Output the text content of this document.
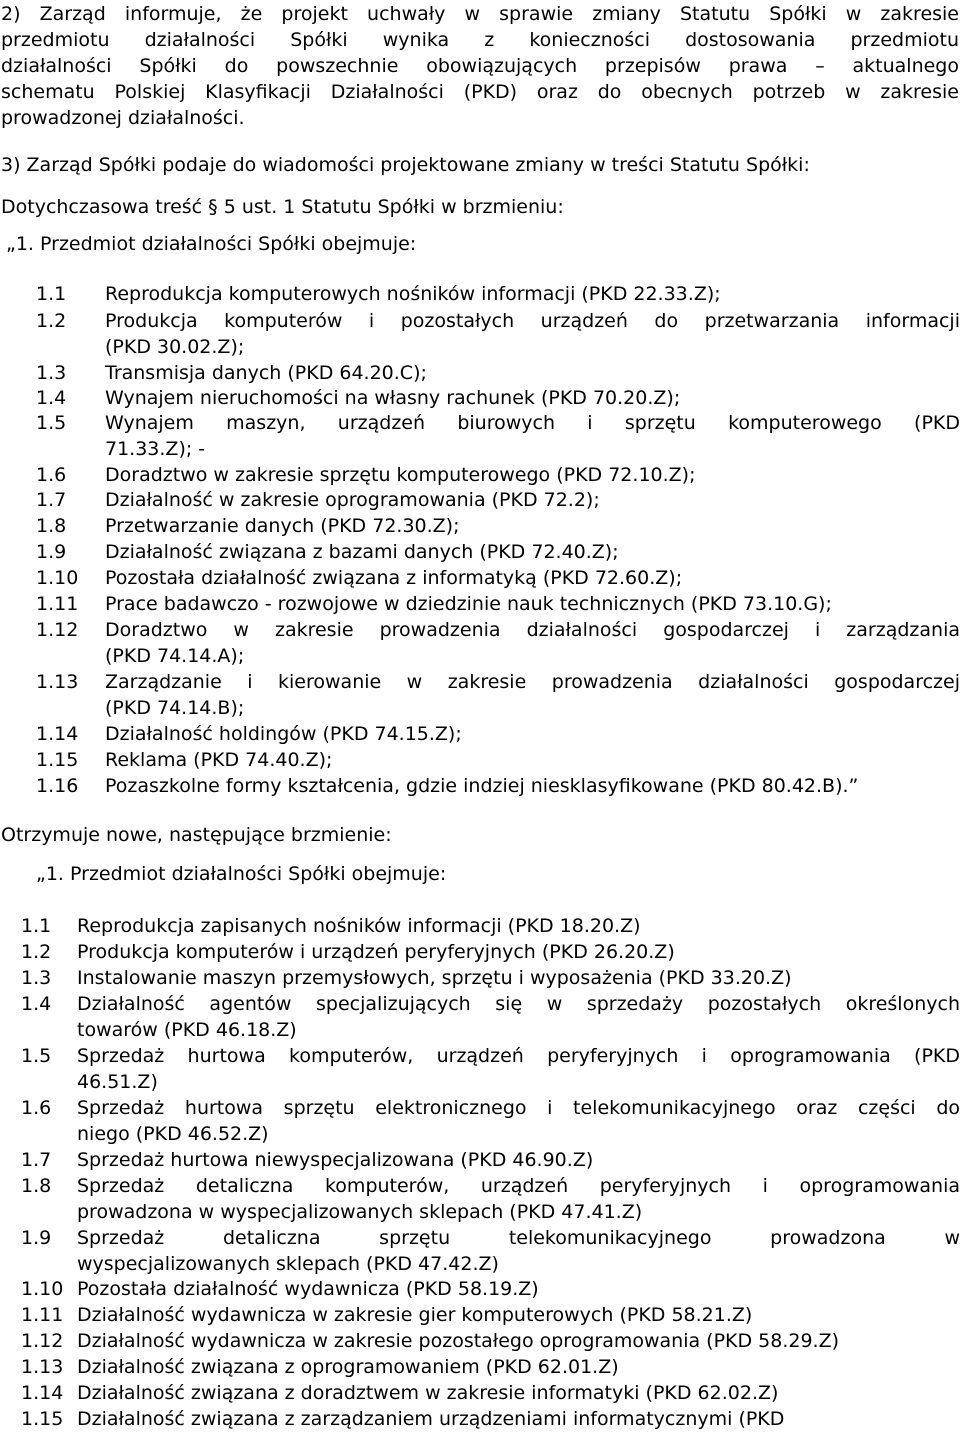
2) Zarząd informuje, że projekt uchwały w sprawie zmiany Statutu Spółki w zakresie
przedmiotu działalności Spółki wynika z konieczności dostosowania przedmiotu
działalności Spółki do powszechnie obowiązujących przepisów prawa – aktualnego
schematu Polskiej Klasyfikacji Działalności (PKD) oraz do obecnych potrzeb w zakresie
prowadzonej działalności.
3) Zarząd Spółki podaje do wiadomości projektowane zmiany w treści Statutu Spółki:
Dotychczasowa treść § 5 ust. 1 Statutu Spółki w brzmieniu:
„1. Przedmiot działalności Spółki obejmuje:
1.1 Reprodukcja komputerowych nośników informacji (PKD 22.33.Z);
1.2 Produkcja komputerów i pozostałych urządzeń do przetwarzania informacji
(PKD 30.02.Z);
1.3 Transmisja danych (PKD 64.20.C);
1.4 Wynajem nieruchomości na własny rachunek (PKD 70.20.Z);
1.5 Wynajem maszyn, urządzeń biurowych i sprzętu komputerowego (PKD
71.33.Z); -
1.6 Doradztwo w zakresie sprzętu komputerowego (PKD 72.10.Z);
1.7 Działalność w zakresie oprogramowania (PKD 72.2);
1.8 Przetwarzanie danych (PKD 72.30.Z);
1.9 Działalność związana z bazami danych (PKD 72.40.Z);
1.10 Pozostała działalność związana z informatyką (PKD 72.60.Z);
1.11 Prace badawczo - rozwojowe w dziedzinie nauk technicznych (PKD 73.10.G);
1.12 Doradztwo w zakresie prowadzenia działalności gospodarczej i zarządzania
(PKD 74.14.A);
1.13 Zarządzanie i kierowanie w zakresie prowadzenia działalności gospodarczej
(PKD 74.14.B);
1.14 Działalność holdingów (PKD 74.15.Z);
1.15 Reklama (PKD 74.40.Z);
1.16 Pozaszkolne formy kształcenia, gdzie indziej niesklasyfikowane (PKD 80.42.B).”
Otrzymuje nowe, następujące brzmienie:
„1. Przedmiot działalności Spółki obejmuje:
1.1 Reprodukcja zapisanych nośników informacji (PKD 18.20.Z)
1.2 Produkcja komputerów i urządzeń peryferyjnych (PKD 26.20.Z)
1.3 Instalowanie maszyn przemysłowych, sprzętu i wyposażenia (PKD 33.20.Z)
1.4 Działalność agentów specjalizujących się w sprzedaży pozostałych określonych
towarów (PKD 46.18.Z)
1.5 Sprzedaż hurtowa komputerów, urządzeń peryferyjnych i oprogramowania (PKD
46.51.Z)
1.6 Sprzedaż hurtowa sprzętu elektronicznego i telekomunikacyjnego oraz części do
niego (PKD 46.52.Z)
1.7 Sprzedaż hurtowa niewyspecjalizowana (PKD 46.90.Z)
1.8 Sprzedaż detaliczna komputerów, urządzeń peryferyjnych i oprogramowania
prowadzona w wyspecjalizowanych sklepach (PKD 47.41.Z)
1.9 Sprzedaż detaliczna sprzętu telekomunikacyjnego prowadzona w
wyspecjalizowanych sklepach (PKD 47.42.Z)
1.10 Pozostała działalność wydawnicza (PKD 58.19.Z)
1.11 Działalność wydawnicza w zakresie gier komputerowych (PKD 58.21.Z)
1.12 Działalność wydawnicza w zakresie pozostałego oprogramowania (PKD 58.29.Z)
1.13 Działalność związana z oprogramowaniem (PKD 62.01.Z)
1.14 Działalność związana z doradztwem w zakresie informatyki (PKD 62.02.Z)
1.15 Działalność związana z zarządzaniem urządzeniami informatycznymi (PKD
